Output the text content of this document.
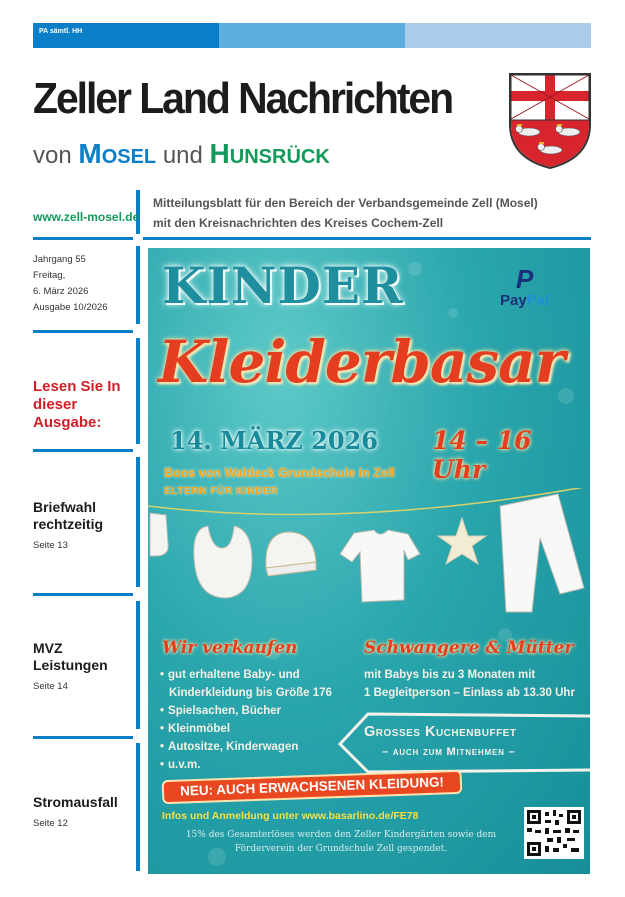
PA sämtl. HH
Zeller Land Nachrichten
von Mosel und Hunsrück
www.zell-mosel.de
Mitteilungsblatt für den Bereich der Verbandsgemeinde Zell (Mosel)
mit den Kreisnachrichten des Kreises Cochem-Zell
Jahrgang 55
Freitag,
6. März 2026
Ausgabe 10/2026
Lesen Sie In
dieser
Ausgabe:
Briefwahl
rechtzeitig
Seite 13
MVZ
Leistungen
Seite 14
Stromausfall
Seite 12
KINDER	P
PayPal
Kleiderbasar
14. MÄRZ 2026 14 – 16 Uhr
Boos von Waldeck Grundschule in Zell
ELTERN FÜR KINDER
Wir verkaufen
• gut erhaltene Baby- und
Kinderkleidung bis Größe 176
• Spielsachen, Bücher
• Kleinmöbel
• Autositze, Kinderwagen
• u.v.m.
Schwangere & Mütter
mit Babys bis zu 3 Monaten mit
1 Begleitperson – Einlass ab 13.30 Uhr
Grosses Kuchenbuffet
– auch zum Mitnehmen –
NEU: AUCH ERWACHSENEN KLEIDUNG!
Infos und Anmeldung unter www.basarlino.de/FE78
15% des Gesamterlöses werden den Zeller Kindergärten sowie dem
Förderverein der Grundschule Zell gespendet.
